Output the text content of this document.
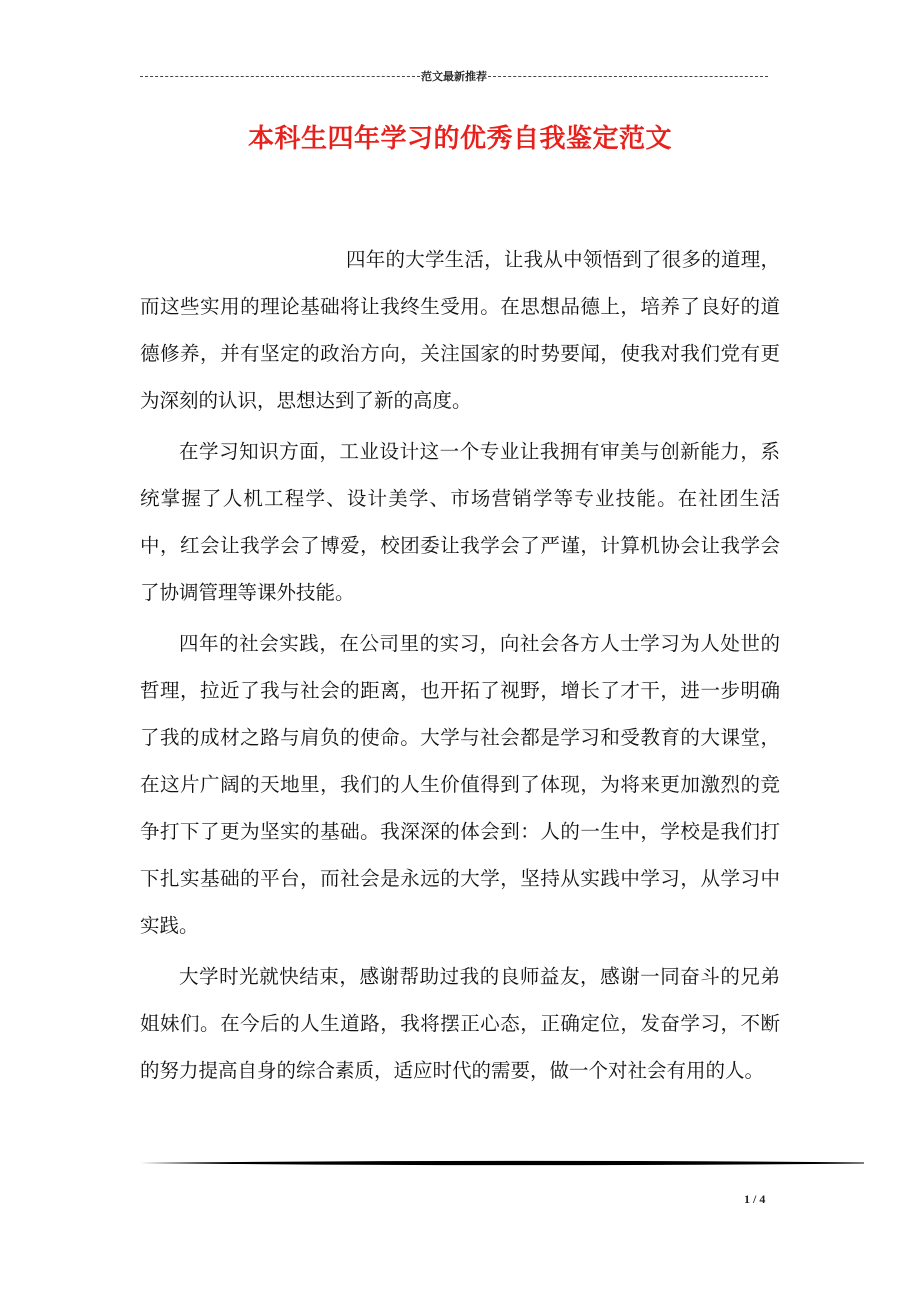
范文最新推荐
本科生四年学习的优秀自我鉴定范文

四年的大学生活，让我从中领悟到了很多的道理，而这些实用的理论基础将让我终生受用。在思想品德上，培养了良好的道德修养，并有坚定的政治方向，关注国家的时势要闻，使我对我们党有更为深刻的认识，思想达到了新的高度。

在学习知识方面，工业设计这一个专业让我拥有审美与创新能力，系统掌握了人机工程学、设计美学、市场营销学等专业技能。在社团生活中，红会让我学会了博爱，校团委让我学会了严谨，计算机协会让我学会了协调管理等课外技能。

四年的社会实践，在公司里的实习，向社会各方人士学习为人处世的哲理，拉近了我与社会的距离，也开拓了视野，增长了才干，进一步明确了我的成材之路与肩负的使命。大学与社会都是学习和受教育的大课堂，在这片广阔的天地里，我们的人生价值得到了体现，为将来更加激烈的竞争打下了更为坚实的基础。我深深的体会到：人的一生中，学校是我们打下扎实基础的平台，而社会是永远的大学，坚持从实践中学习，从学习中实践。

大学时光就快结束，感谢帮助过我的良师益友，感谢一同奋斗的兄弟姐妹们。在今后的人生道路，我将摆正心态，正确定位，发奋学习，不断的努力提高自身的综合素质，适应时代的需要，做一个对社会有用的人。

1 / 4
